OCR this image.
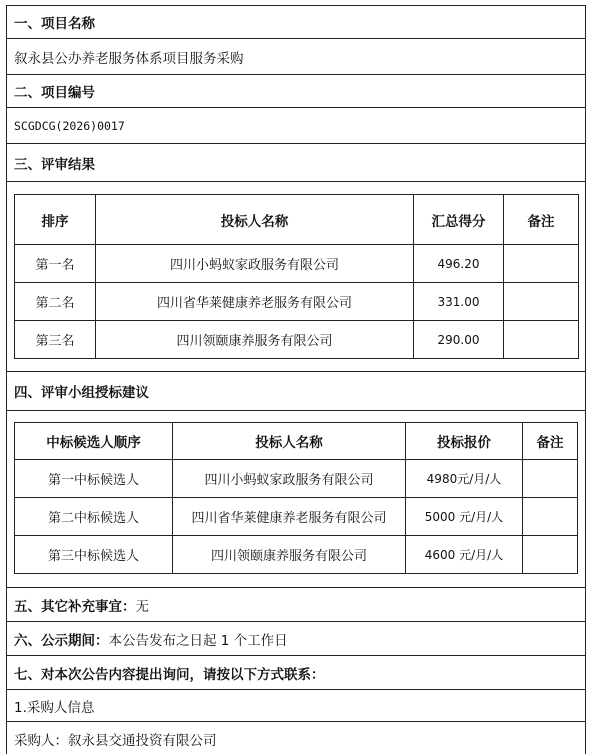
一、项目名称
叙永县公办养老服务体系项目服务采购
二、项目编号
SCGDCG(2026)0017
三、评审结果
排序	投标人名称	汇总得分	备注
第一名	四川小蚂蚁家政服务有限公司	496.20	
第二名	四川省华莱健康养老服务有限公司	331.00	
第三名	四川领颐康养服务有限公司	290.00	
四、评审小组授标建议
中标候选人顺序	投标人名称	投标报价	备注
第一中标候选人	四川小蚂蚁家政服务有限公司	4980元/月/人	
第二中标候选人	四川省华莱健康养老服务有限公司	5000 元/月/人	
第三中标候选人	四川领颐康养服务有限公司	4600 元/月/人	
五、其它补充事宜： 无
六、公示期间： 本公告发布之日起 1 个工作日
七、对本次公告内容提出询问，请按以下方式联系：
1.采购人信息
采购人：叙永县交通投资有限公司
